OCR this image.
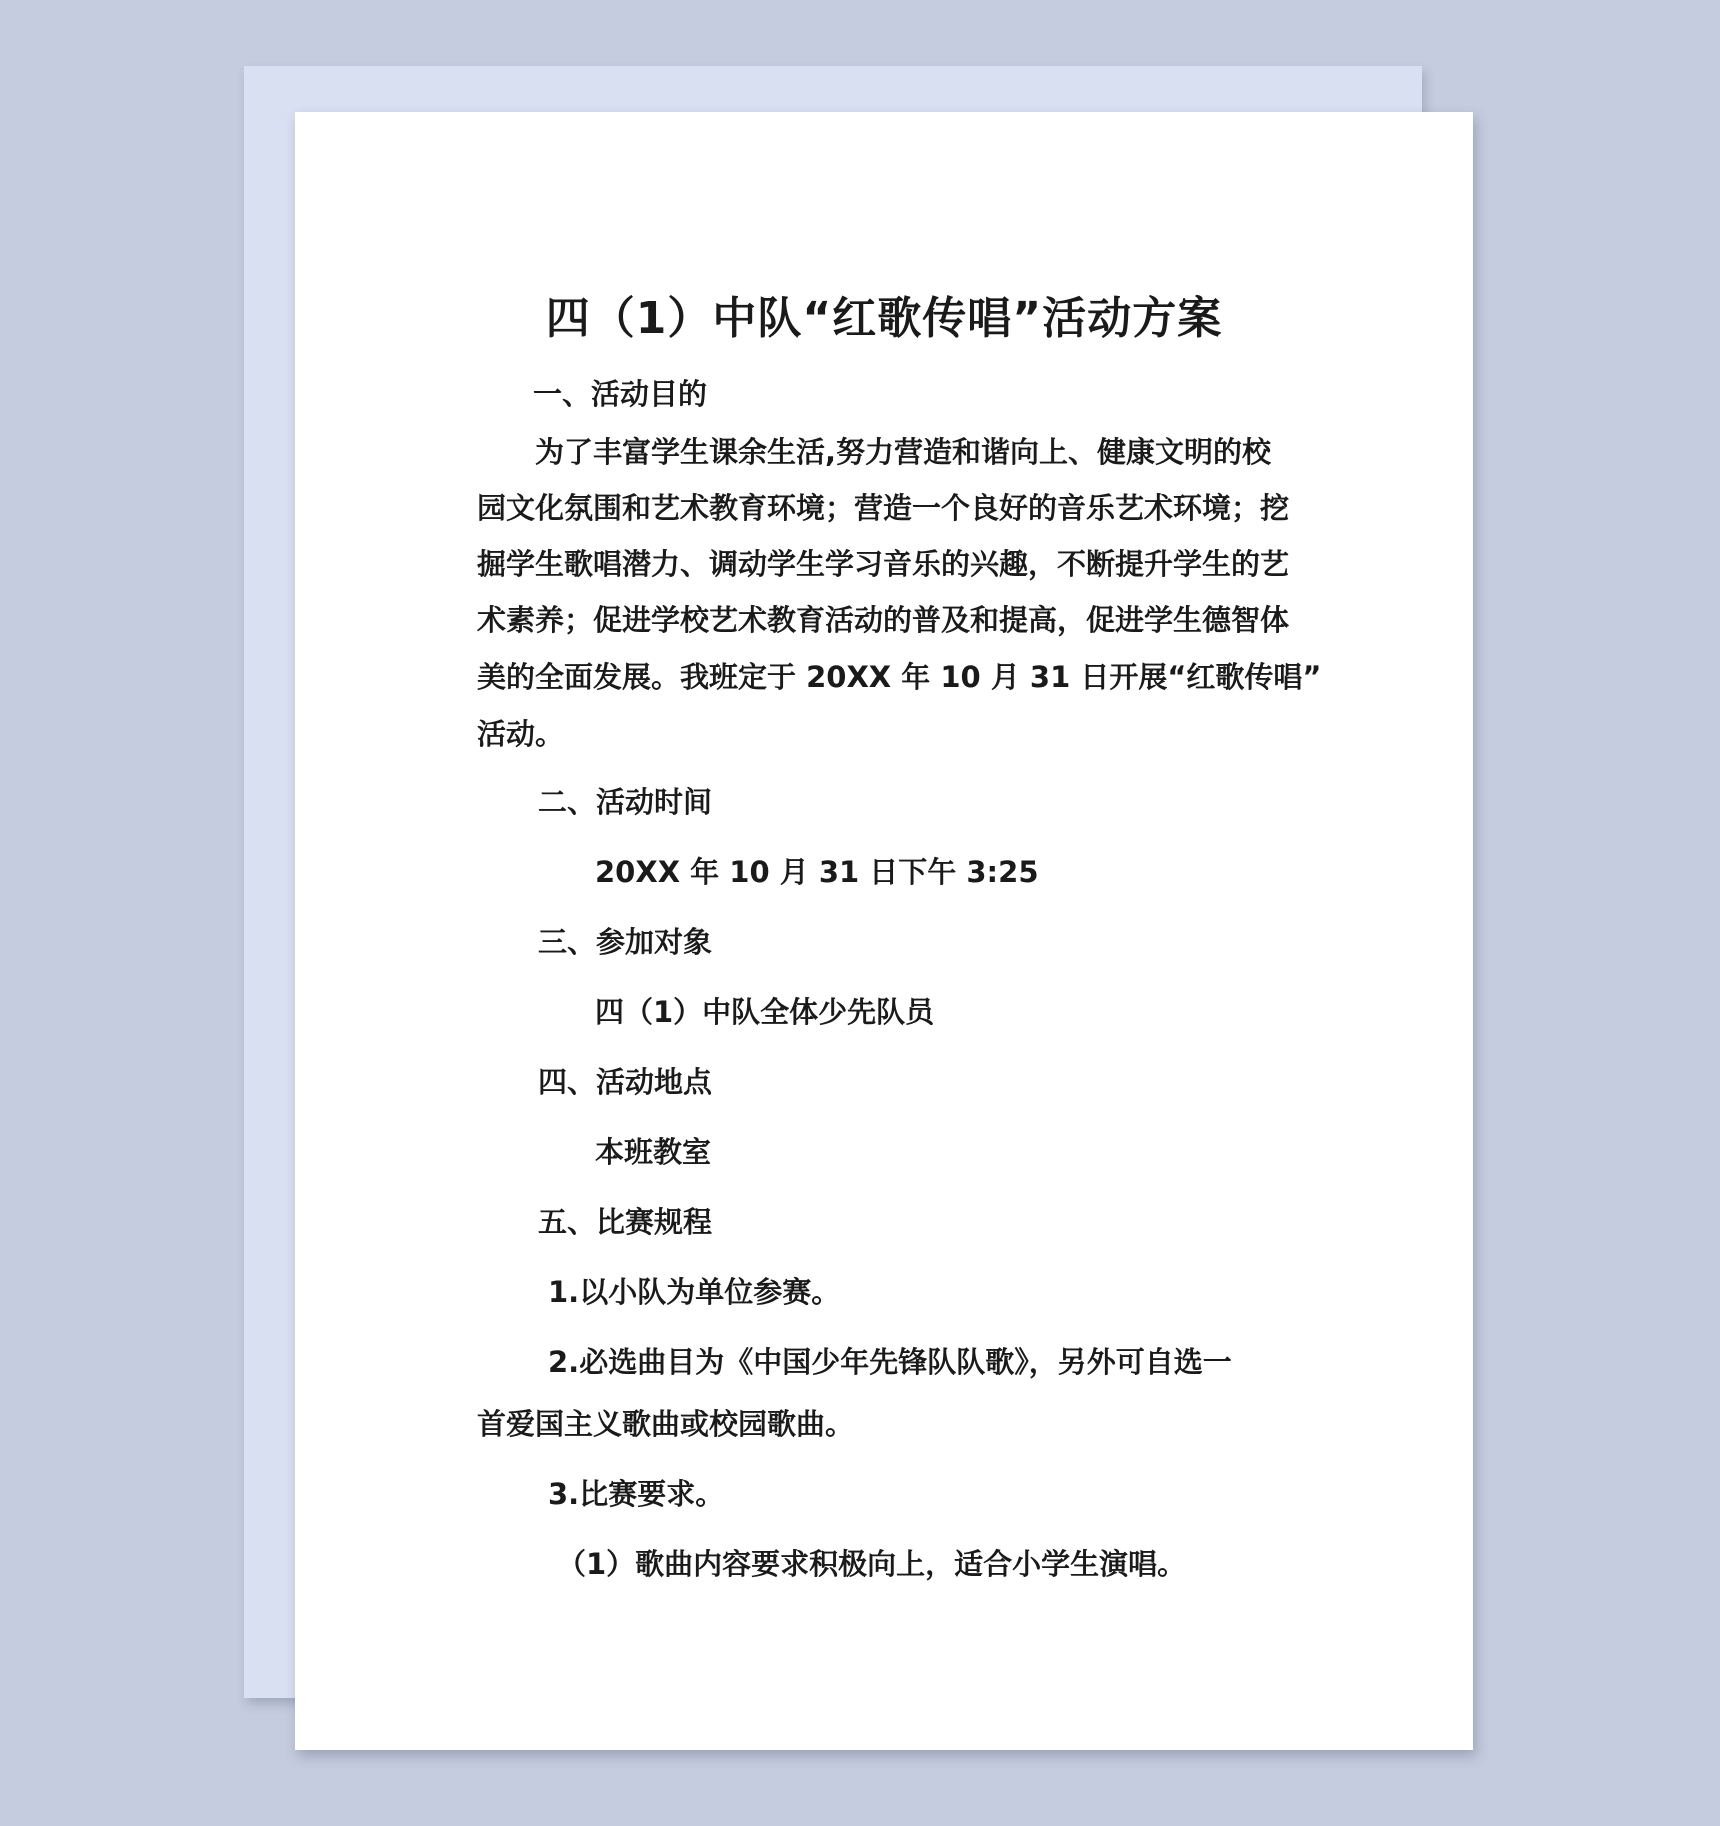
四（1）中队“红歌传唱”活动方案

一、活动目的

为了丰富学生课余生活,努力营造和谐向上、健康文明的校

园文化氛围和艺术教育环境；营造一个良好的音乐艺术环境；挖

掘学生歌唱潜力、调动学生学习音乐的兴趣，不断提升学生的艺

术素养；促进学校艺术教育活动的普及和提高，促进学生德智体

美的全面发展。我班定于 20XX 年 10 月 31 日开展“红歌传唱”

活动。

二、活动时间

20XX 年 10 月 31 日下午 3:25

三、参加对象

四（1）中队全体少先队员

四、活动地点

本班教室

五、比赛规程

1.以小队为单位参赛。

2.必选曲目为《中国少年先锋队队歌》，另外可自选一

首爱国主义歌曲或校园歌曲。

3.比赛要求。

（1）歌曲内容要求积极向上，适合小学生演唱。
